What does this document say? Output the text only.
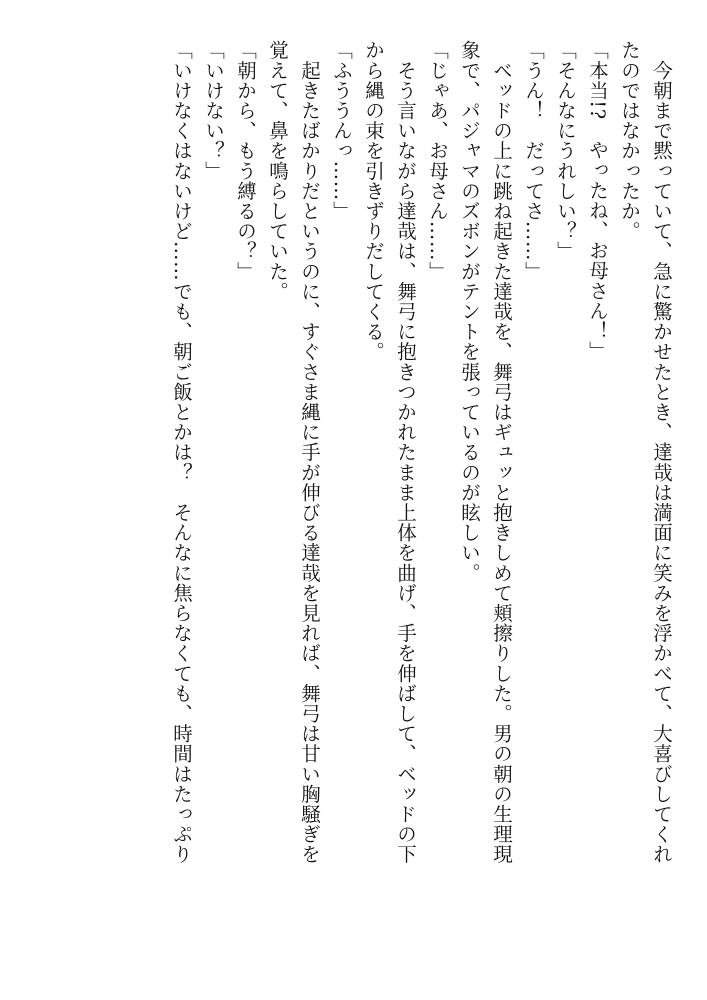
　今朝まで黙っていて、急に驚かせたとき、達哉は満面に笑みを浮かべて、大喜びしてくれ

たのではなかったか。

「本当!?　やったね、お母さん！」

「そんなにうれしい？」

「うん！　だってさ……」

　ベッドの上に跳ね起きた達哉を、舞弓はギュッと抱きしめて頬擦りした。男の朝の生理現

象で、パジャマのズボンがテントを張っているのが眩しい。

「じゃあ、お母さん……」

　そう言いながら達哉は、舞弓に抱きつかれたまま上体を曲げ、手を伸ばして、ベッドの下

から縄の束を引きずりだしてくる。

「ふううんっ……」

　起きたばかりだというのに、すぐさま縄に手が伸びる達哉を見れば、舞弓は甘い胸騒ぎを

覚えて、鼻を鳴らしていた。

「朝から、もう縛るの？」

「いけない？」

「いけなくはないけど……でも、朝ご飯とかは？　そんなに焦らなくても、時間はたっぷり
